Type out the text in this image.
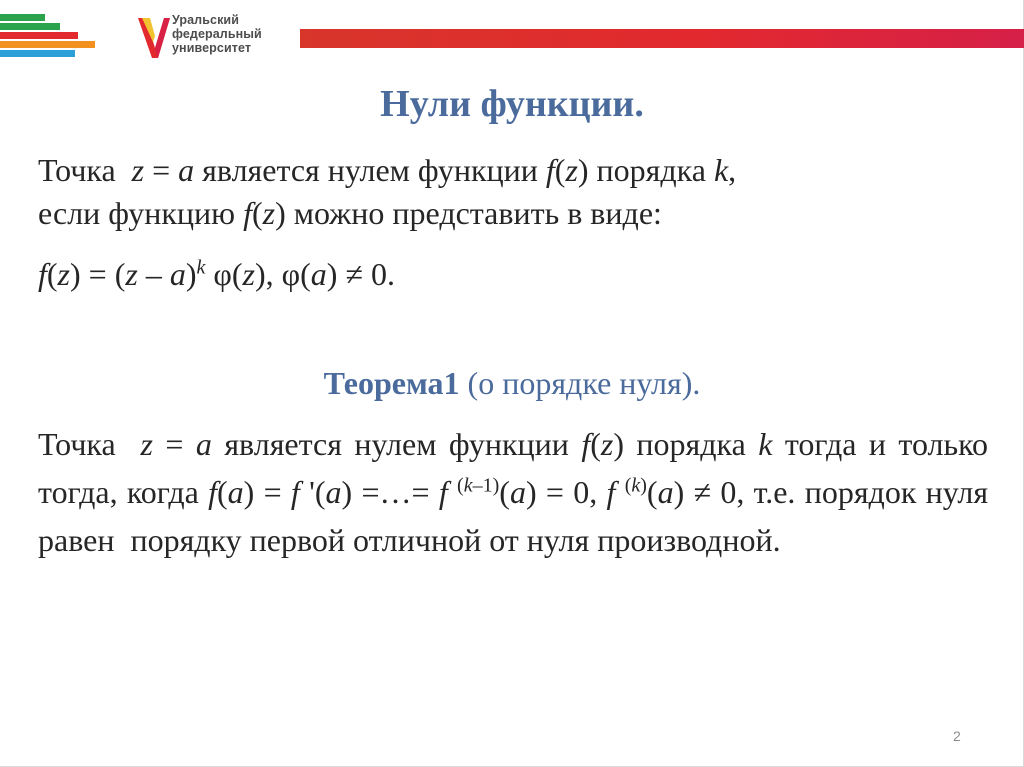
Уральский
федеральный
университет
Нули функции.
Точка  z = a является нулем функции f(z) порядка k,
если функцию f(z) можно представить в виде:
f(z) = (z – a)$^k$ φ(z), φ(a) ≠ 0.
Теорема1 (о порядке нуля).
Точка  z = a является нулем функции f(z) порядка k тогда и только тогда, когда f(a) = f '(a) =…= f $^{(k-1)}$(a) = 0, f $^{(k)}$(a) ≠ 0, т.е. порядок нуля равен  порядку первой отличной от нуля производной.
2
